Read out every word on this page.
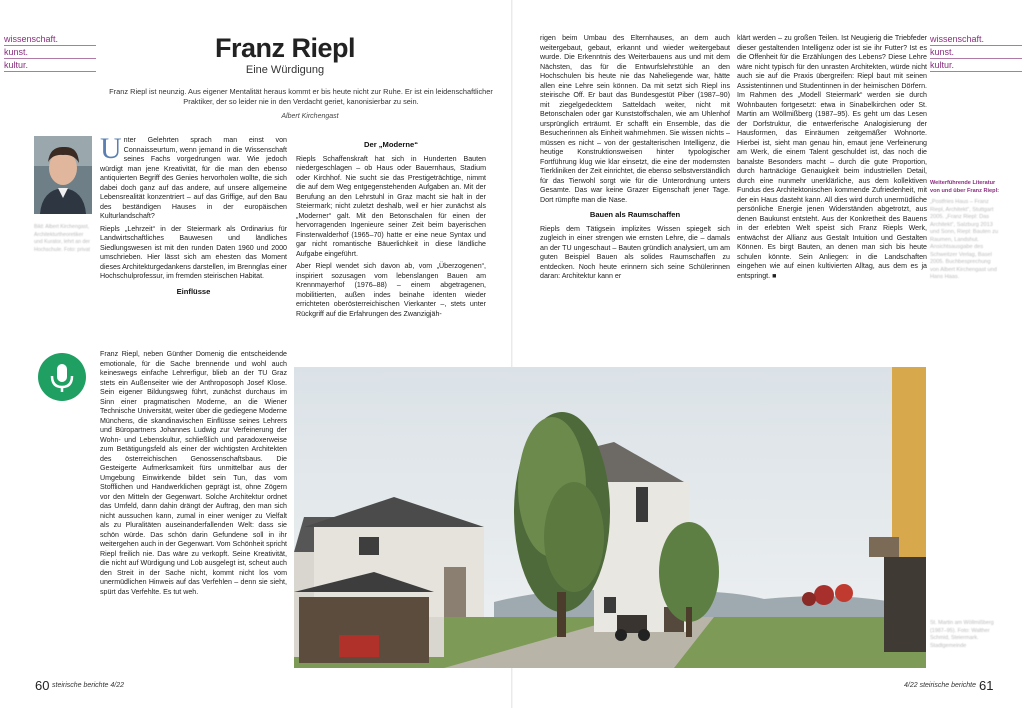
wissenschaft.
kunst.
kultur.
wissenschaft.
kunst.
kultur.
Franz Riepl
Eine Würdigung
Franz Riepl ist neunzig. Aus eigener Mentalität heraus kommt er bis heute nicht zur Ruhe. Er ist ein leidenschaftlicher Praktiker, der so leider nie in den Verdacht geriet, kanonisierbar zu sein.
Albert Kirchengast
Bild: Albert Kirchengast, Architekturtheoretiker und Kurator, lehrt an der Hochschule. Foto: privat

Unter Gelehrten sprach man einst von Connaisseurtum, wenn jemand in die Wissenschaft seines Fachs vorgedrungen war. Wie jedoch würdigt man jene Kreativität, für die man den ebenso antiquierten Begriff des Genies hervorholen wollte, die sich dabei doch ganz auf das andere, auf unsere allgemeine Lebensrealität konzentriert – auf das Griffige, auf den Bau des beständigen Hauses in der europäischen Kulturlandschaft?

Riepls „Lehrzeit“ in der Steiermark als Ordinarius für Landwirtschaftliches Bauwesen und ländliches Siedlungswesen ist mit den runden Daten 1960 und 2000 umschrieben. Hier lässt sich am ehesten das Moment dieses Architekturgedankens darstellen, im Brennglas einer Hochschulprofessur, im fremden steirischen Habitat.

Einflüsse

Franz Riepl, neben Günther Domenig die entscheidende emotionale, für die Sache brennende und wohl auch keineswegs einfache Lehrerfigur, blieb an der TU Graz stets ein Außenseiter wie der Anthroposoph Josef Klose. Sein eigener Bildungsweg führt, zunächst durchaus im Sinn einer pragmatischen Moderne, an die Wiener Technische Universität, weiter über die gediegene Moderne Münchens, die skandinavischen Einflüsse seines Lehrers und Büropartners Johannes Ludwig zur Verfeinerung der Wohn- und Lebenskultur, schließlich und paradoxerweise zum Betätigungsfeld als einer der wichtigsten Architekten des österreichischen Genossenschaftsbaus. Die Gesteigerte Aufmerksamkeit fürs unmittelbar aus der Umgebung Einwirkende bildet sein Tun, das vom Stofflichen und Handwerklichen geprägt ist, ohne Zögern vor den Mitteln der Gegenwart. Solche Architektur ordnet das Umfeld, dann dahin drängt der Auftrag, den man sich nicht aussuchen kann, zumal in einer weniger zu Vielfalt als zu Pluralitäten auseinanderfallenden Welt: dass sie schön würde. Das schön darin Gefundene soll in ihr weitergehen auch in der Gegenwart. Vom Schönheit spricht Riepl freilich nie. Das wäre zu verkopft. Seine Kreativität, die nicht auf Würdigung und Lob ausgelegt ist, scheut auch den Streit in der Sache nicht, kommt nicht los vom unermüdlichen Hinweis auf das Verfehlen – denn sie sieht, spürt das Verfehlte. Es tut weh.

Der „Moderne“

Riepls Schaffenskraft hat sich in Hunderten Bauten niedergeschlagen – ob Haus oder Bauernhaus, Stadium oder Kirchhof. Nie sucht sie das Prestigeträchtige, nimmt die auf dem Weg entgegenstehenden Aufgaben an. Mit der Berufung an den Lehrstuhl in Graz macht sie halt in der Steiermark; nicht zuletzt deshalb, weil er hier zunächst als „Moderner“ galt. Mit den Betonschalen für einen der hervorragenden Ingenieure seiner Zeit beim bayerischen Finsterwalderhof (1965–70) hatte er eine neue Syntax und gar nicht romantische Bäuerlichkeit in diese ländliche Aufgabe eingeführt.

Aber Riepl wendet sich davon ab, vom „Überzogenen“, inspiriert sozusagen vom lebenslangen Bauen am Krennmayerhof (1976–88) – einem abgetragenen, mobilitierten, außen indes beinahe identen wieder errichteten oberösterreichischen Vierkanter –, stets unter Rückgriff auf die Erfahrungen des Zwanzigjäh-

rigen beim Umbau des Elternhauses, an dem auch weitergebaut, gebaut, erkannt und wieder weitergebaut wurde. Die Erkenntnis des Weiterbauens aus und mit dem Nächsten, das für die Entwurfslehrstühle an den Hochschulen bis heute nie das Naheliegende war, hätte allen eine Lehre sein können. Da mit setzt sich Riepl ins steirische Off. Er baut das Bundesgestüt Piber (1987–90) mit ziegelgedecktem Satteldach weiter, nicht mit Betonschalen oder gar Kunststoffschalen, wie am Uhlenhof ursprünglich erträumt. Er schafft ein Ensemble, das die Besucherinnen als Einheit wahrnehmen. Sie wissen nichts – müssen es nicht – von der gestalterischen Intelligenz, die heutige Konstruktionsweisen hinter typologischer Fortführung klug wie klar einsetzt, die eine der modernsten Tierkliniken der Zeit einrichtet, die ebenso selbstverständlich für das Tierwohl sorgt wie für die Unterordnung unters Gesamte. Das war keine Grazer Eigenschaft jener Tage. Dort rümpfte man die Nase.

Bauen als Raumschaffen

Riepls dem Tätigsein implizites Wissen spiegelt sich zugleich in einer strengen wie ernsten Lehre, die – damals an der TU ungeschaut – Bauten gründlich analysiert, um am guten Beispiel Bauen als solides Raumschaffen zu entdecken. Noch heute erinnern sich seine Schülerinnen daran: Architektur kann er

klärt werden – zu großen Teilen. Ist Neugierig die Triebfeder dieser gestaltenden Intelligenz oder ist sie ihr Futter? Ist es die Offenheit für die Erzählungen des Lebens? Diese Lehre wäre nicht typisch für den unrasten Architekten, würde nicht auch sie auf die Praxis übergreifen: Riepl baut mit seinen Assistentinnen und Studentinnen in der heimischen Dörfern. Im Rahmen des „Modell Steiermark“ werden sie durch Wohnbauten fortgesetzt: etwa in Sinabelkirchen oder St. Martin am Wöllmißberg (1987–95). Es geht um das Lesen der Dorfstruktur, die entwerferische Analogisierung der Hausformen, das Einräumen zeitgemäßer Wohnorte. Hierbei ist, sieht man genau hin, emaut jene Verfeinerung am Werk, die einem Talent geschuldet ist, das noch die banalste Besonders macht – durch die gute Proportion, durch hartnäckige Genauigkeit beim industriellen Detail, durch eine nunmehr unerklärliche, aus dem kollektiven Fundus des Architektonischen kommende Zufriedenheit, mit der ein Haus dasteht kann. All dies wird durch unermüdliche persönliche Energie jenen Widerständen abgetrotzt, aus denen Baukunst entsteht. Aus der Konkretheit des Bauens in der erlebten Welt speist sich Franz Riepls Werk, entwächst der Allianz aus Gestalt Intuition und Gestalten Können. Es birgt Bauten, an denen man sich bis heute schulen könnte. Sein Anliegen: in die Landschaften eingehen wie auf einen kultivierten Alltag, aus dem es ja entspringt. ■

Weiterführende Literatur von und über Franz Riepl:
„Postfries Haus – Franz Riepl, Architekt“, Stuttgart 2005. „Franz Riepl: Das Architekt“, Salzburg 2013 und Sonn, Riepl: Bauten zu Raumen, Landshut. Ansichtsausgabe des Schweitzer Verlag, Basel 2005. Buchbesprechung von Albert Kirchengast und Hans Haas.
St. Martin am Wöllmißberg (1987–95). Foto: Walther Schmid, Steiermark. Stadtgemeinde
60 steirische berichte 4/22	4/22 steirische berichte 61
